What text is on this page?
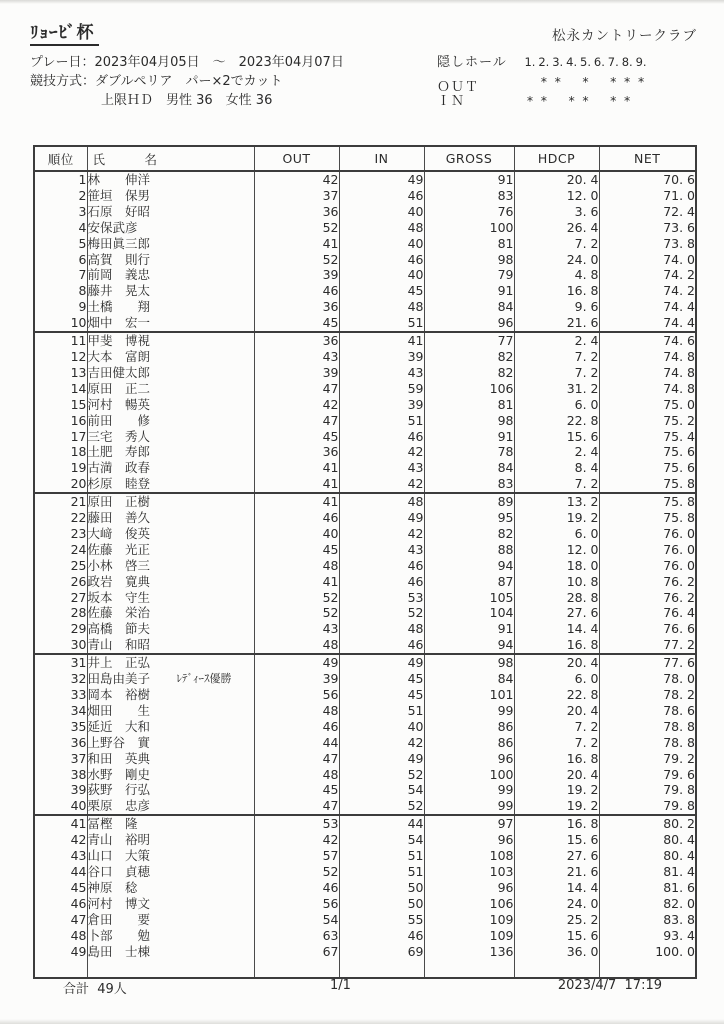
ﾘｮｰﾋﾞ杯	松永カントリークラブ
プレー日：2023年04月05日　～　2023年04月07日
競技方式：ダブルペリア　パー×2でカット
上限ＨＤ　男性 36　女性 36
隠しホール	1. 2. 3. 4. 5. 6. 7. 8. 9.
ＯＵＴ	* *	*	* * *
ＩＮ	* *	* *	* *
順位	氏　　　名	OUT	IN	GROSS	HDCP	NET
1	林　　伸洋	42	49	91	20. 4	70. 6
2	笹垣　保男	37	46	83	12. 0	71. 0
3	石原　好昭	36	40	76	3. 6	72. 4
4	安保武彦	52	48	100	26. 4	73. 6
5	梅田眞三郎	41	40	81	7. 2	73. 8
6	高賀　則行	52	46	98	24. 0	74. 0
7	前岡　義忠	39	40	79	4. 8	74. 2
8	藤井　晃太	46	45	91	16. 8	74. 2
9	土橋　　翔	36	48	84	9. 6	74. 4
10	畑中　宏一	45	51	96	21. 6	74. 4
11	甲斐　博視	36	41	77	2. 4	74. 6
12	大本　富朗	43	39	82	7. 2	74. 8
13	吉田健太郎	39	43	82	7. 2	74. 8
14	原田　正二	47	59	106	31. 2	74. 8
15	河村　暢英	42	39	81	6. 0	75. 0
16	前田　　修	47	51	98	22. 8	75. 2
17	三宅　秀人	45	46	91	15. 6	75. 4
18	土肥　寿郎	36	42	78	2. 4	75. 6
19	古満　政春	41	43	84	8. 4	75. 6
20	杉原　睦登	41	42	83	7. 2	75. 8
21	原田　正樹	41	48	89	13. 2	75. 8
22	藤田　善久	46	49	95	19. 2	75. 8
23	大﨑　俊英	40	42	82	6. 0	76. 0
24	佐藤　光正	45	43	88	12. 0	76. 0
25	小林　啓三	48	46	94	18. 0	76. 0
26	政岩　寛典	41	46	87	10. 8	76. 2
27	坂本　守生	52	53	105	28. 8	76. 2
28	佐藤　栄治	52	52	104	27. 6	76. 4
29	高橋　節夫	43	48	91	14. 4	76. 6
30	青山　和昭	48	46	94	16. 8	77. 2
31	井上　正弘	49	49	98	20. 4	77. 6
32	田島由美子 ﾚﾃﾞｨｰｽ優勝	39	45	84	6. 0	78. 0
33	岡本　裕樹	56	45	101	22. 8	78. 2
34	畑田　　生	48	51	99	20. 4	78. 6
35	延近　大和	46	40	86	7. 2	78. 8
36	上野谷　實	44	42	86	7. 2	78. 8
37	和田　英典	47	49	96	16. 8	79. 2
38	水野　剛史	48	52	100	20. 4	79. 6
39	荻野　行弘	45	54	99	19. 2	79. 8
40	栗原　忠彦	47	52	99	19. 2	79. 8
41	冨樫　隆	53	44	97	16. 8	80. 2
42	青山　裕明	42	54	96	15. 6	80. 4
43	山口　大策	57	51	108	27. 6	80. 4
44	谷口　貞穂	52	51	103	21. 6	81. 4
45	神原　稔	46	50	96	14. 4	81. 6
46	河村　博文	56	50	106	24. 0	82. 0
47	倉田　　要	54	55	109	25. 2	83. 8
48	卜部　　勉	63	46	109	15. 6	93. 4
49	島田　士棟	67	69	136	36. 0	100. 0

合計  49人	1/1	2023/4/7  17:19
